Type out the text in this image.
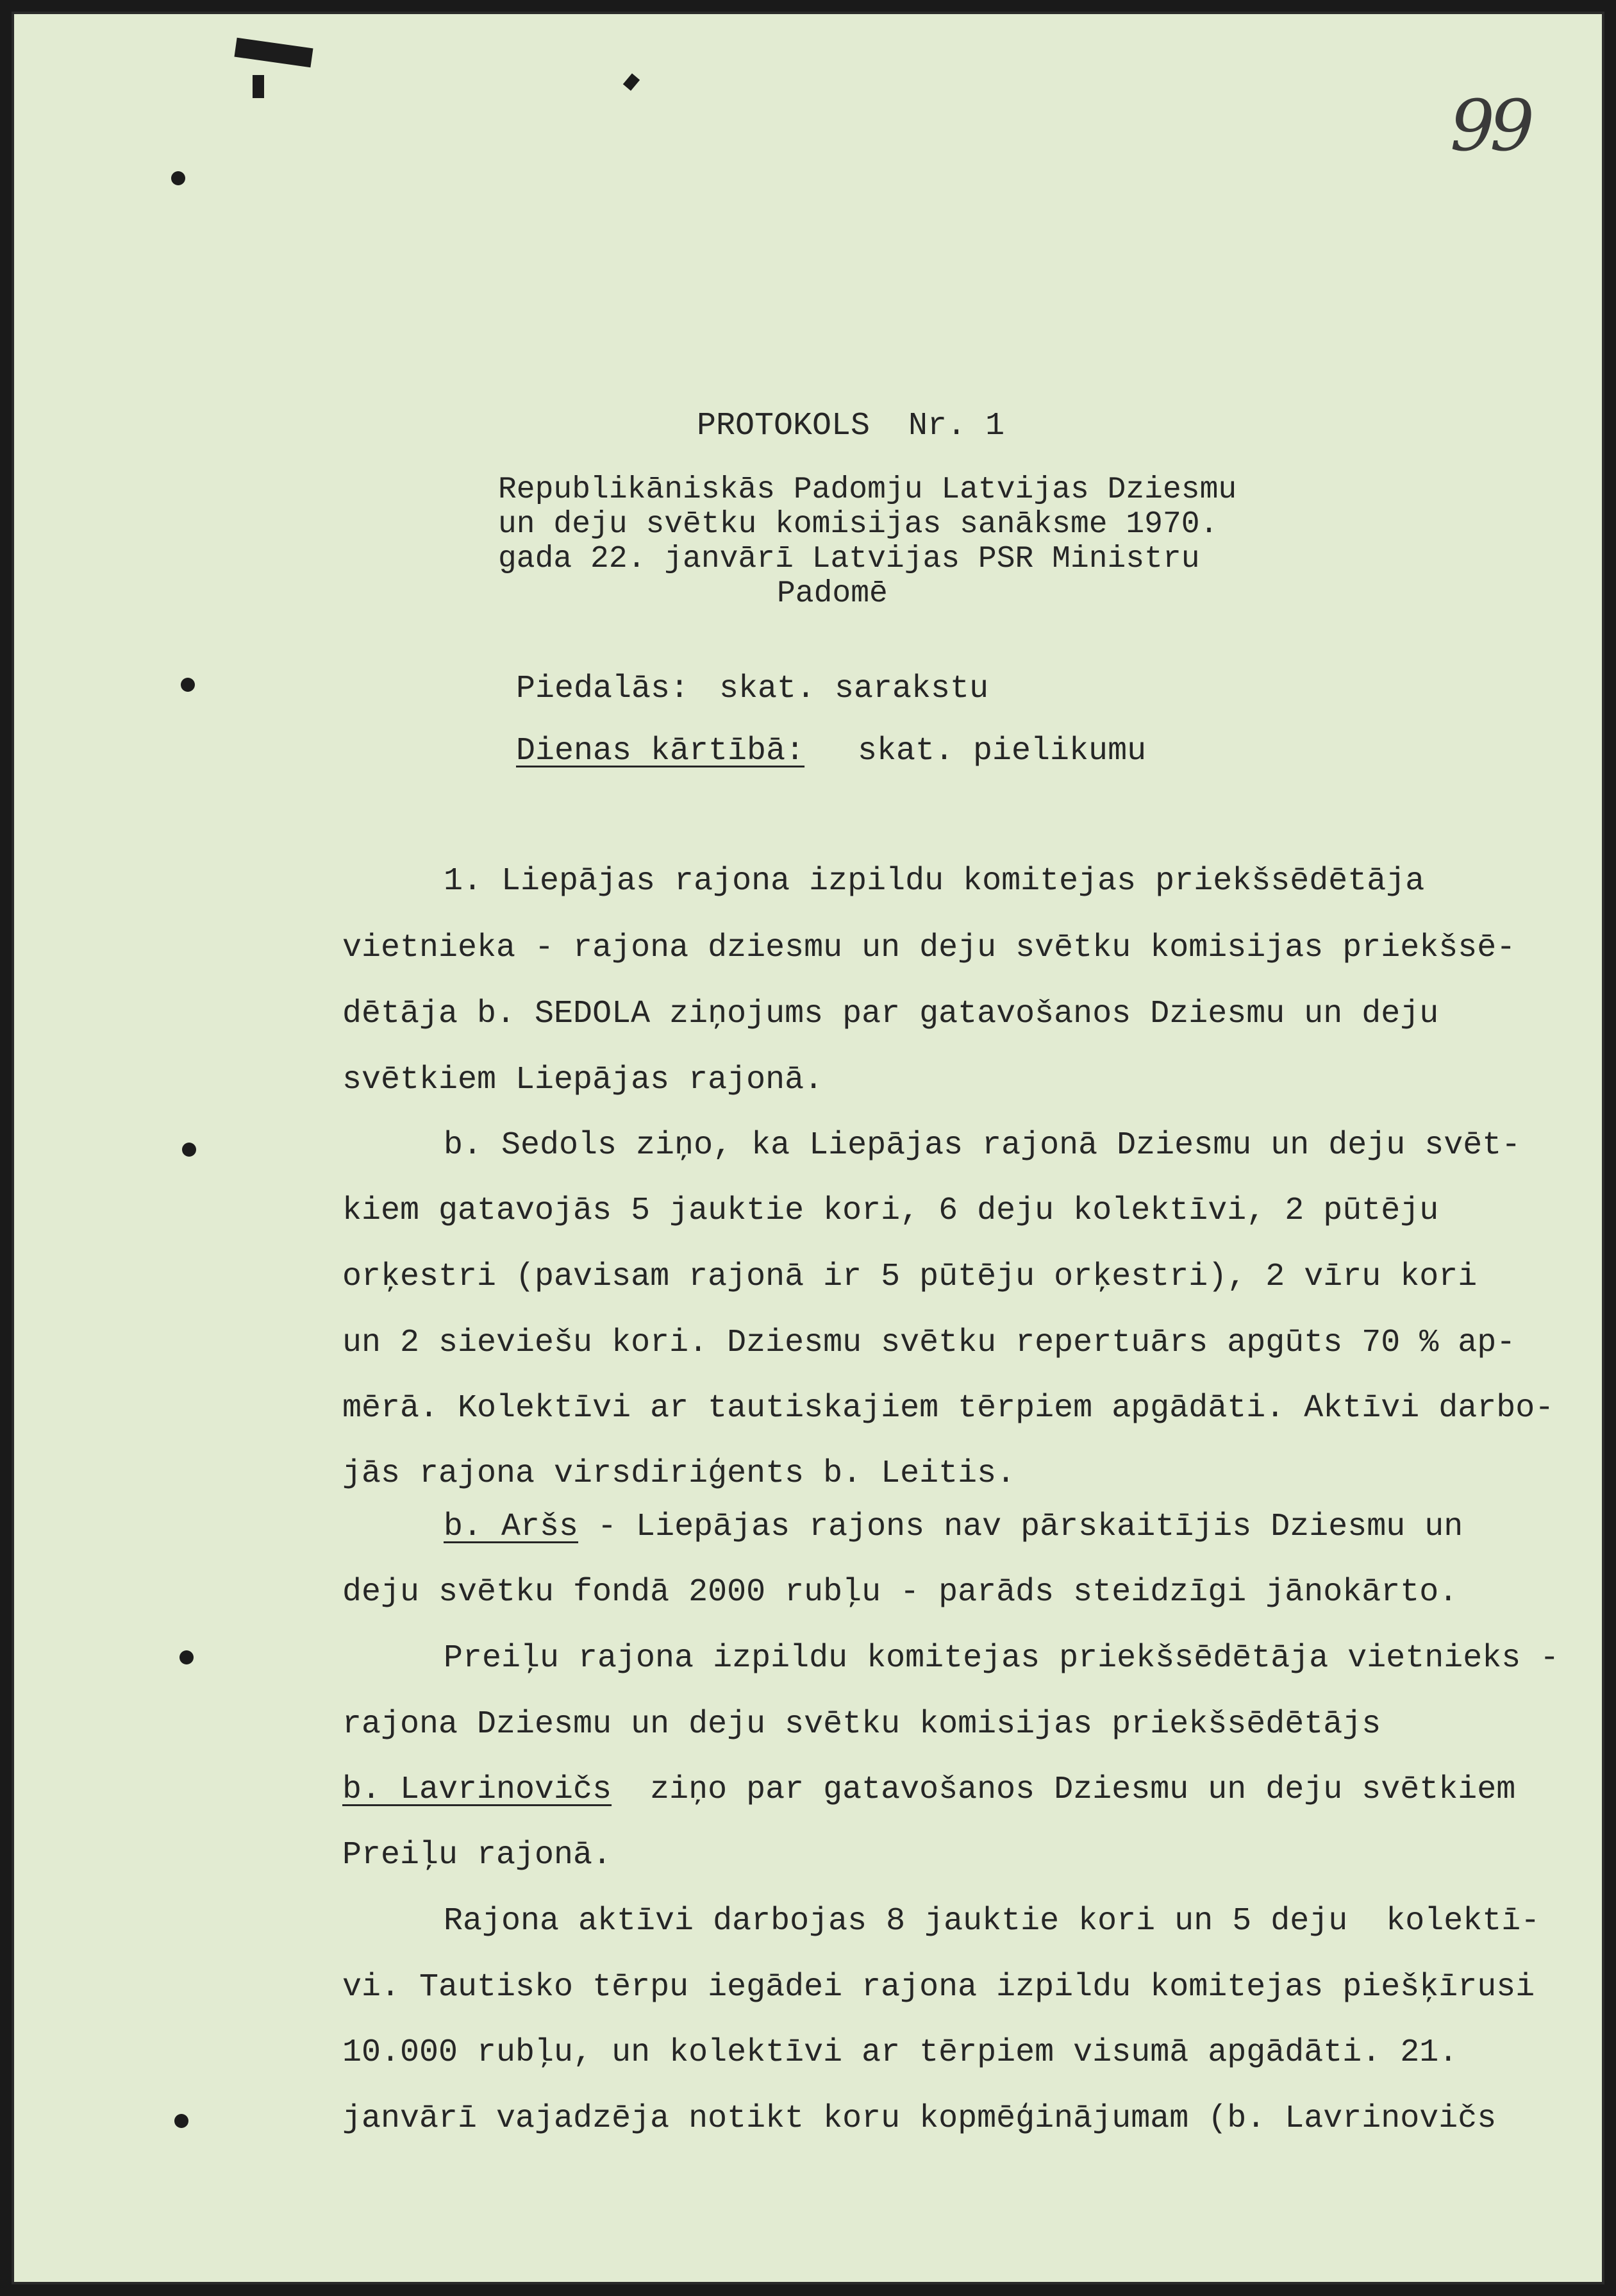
99
PROTOKOLS  Nr. 1
Republikāniskās Padomju Latvijas Dziesmu
un deju svētku komisijas sanāksme 1970.
gada 22. janvārī Latvijas PSR Ministru
Padomē
Piedalās: skat. sarakstu
Dienas kārtībā: skat. pielikumu
1. Liepājas rajona izpildu komitejas priekšsēdētāja
vietnieka - rajona dziesmu un deju svētku komisijas priekšsē-
dētāja b. SEDOLA ziņojums par gatavošanos Dziesmu un deju
svētkiem Liepājas rajonā.
b. Sedols ziņo, ka Liepājas rajonā Dziesmu un deju svēt-
kiem gatavojās 5 jauktie kori, 6 deju kolektīvi, 2 pūtēju
orķestri (pavisam rajonā ir 5 pūtēju orķestri), 2 vīru kori
un 2 sieviešu kori. Dziesmu svētku repertuārs apgūts 70 % ap-
mērā. Kolektīvi ar tautiskajiem tērpiem apgādāti. Aktīvi darbo-
jās rajona virsdiriģents b. Leitis.
b. Aršs - Liepājas rajons nav pārskaitījis Dziesmu un
deju svētku fondā 2000 rubļu - parāds steidzīgi jānokārto.
Preiļu rajona izpildu komitejas priekšsēdētāja vietnieks -
rajona Dziesmu un deju svētku komisijas priekšsēdētājs
b. Lavrinovičs  ziņo par gatavošanos Dziesmu un deju svētkiem
Preiļu rajonā.
Rajona aktīvi darbojas 8 jauktie kori un 5 deju  kolektī-
vi. Tautisko tērpu iegādei rajona izpildu komitejas piešķīrusi
10.000 rubļu, un kolektīvi ar tērpiem visumā apgādāti. 21.
janvārī vajadzēja notikt koru kopmēģinājumam (b. Lavrinovičs
